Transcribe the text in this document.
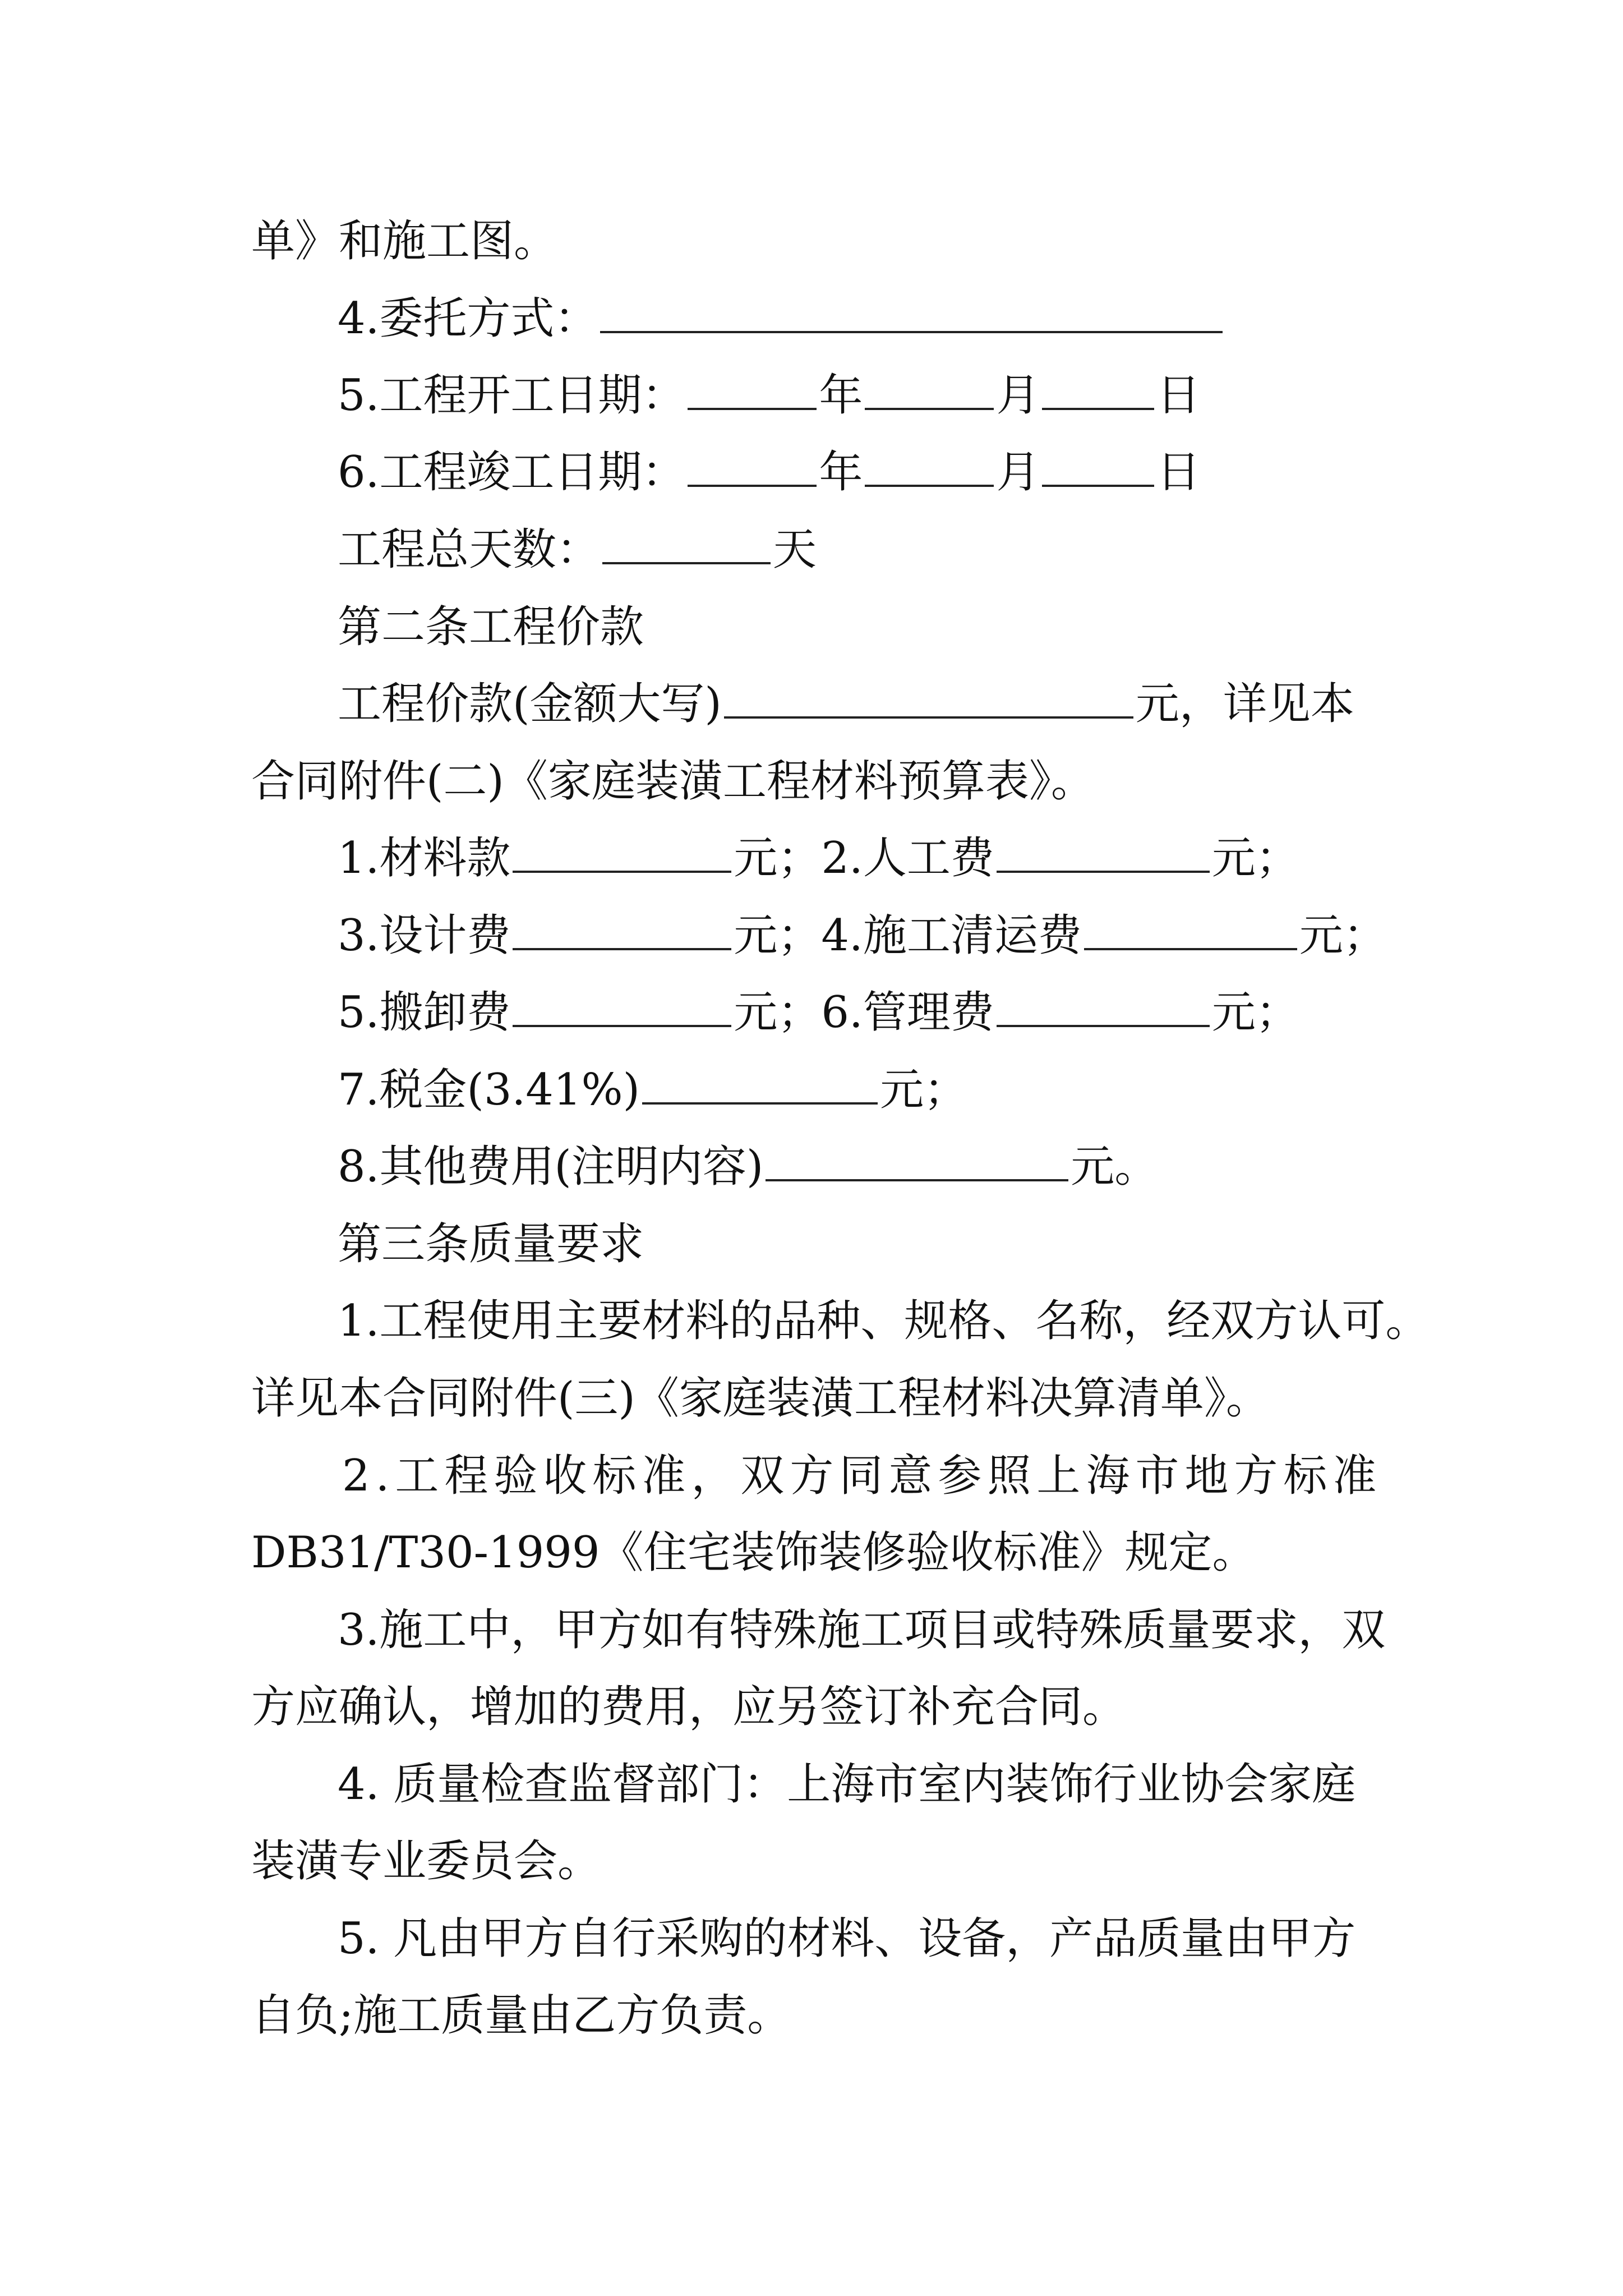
单》和施工图。
4.委托方式：
5.工程开工日期：	年	月	日
6.工程竣工日期：	年	月	日
工程总天数：	天
第二条工程价款
工程价款(金额大写)	元，详见本
合同附件(二)《家庭装潢工程材料预算表》。
1.材料款	元；2.人工费	元；
3.设计费	元；4.施工清运费	元；
5.搬卸费	元；6.管理费	元；
7.税金(3.41%)	元；
8.其他费用(注明内容)	元。
第三条质量要求
1.工程使用主要材料的品种、规格、名称，经双方认可。
详见本合同附件(三)《家庭装潢工程材料决算清单》。
2.工程验收标准，双方同意参照上海市地方标准
DB31/T30-1999《住宅装饰装修验收标准》规定。
3.施工中，甲方如有特殊施工项目或特殊质量要求，双
方应确认，增加的费用，应另签订补充合同。
4. 质量检查监督部门：上海市室内装饰行业协会家庭
装潢专业委员会。
5. 凡由甲方自行采购的材料、设备，产品质量由甲方
自负;施工质量由乙方负责。
